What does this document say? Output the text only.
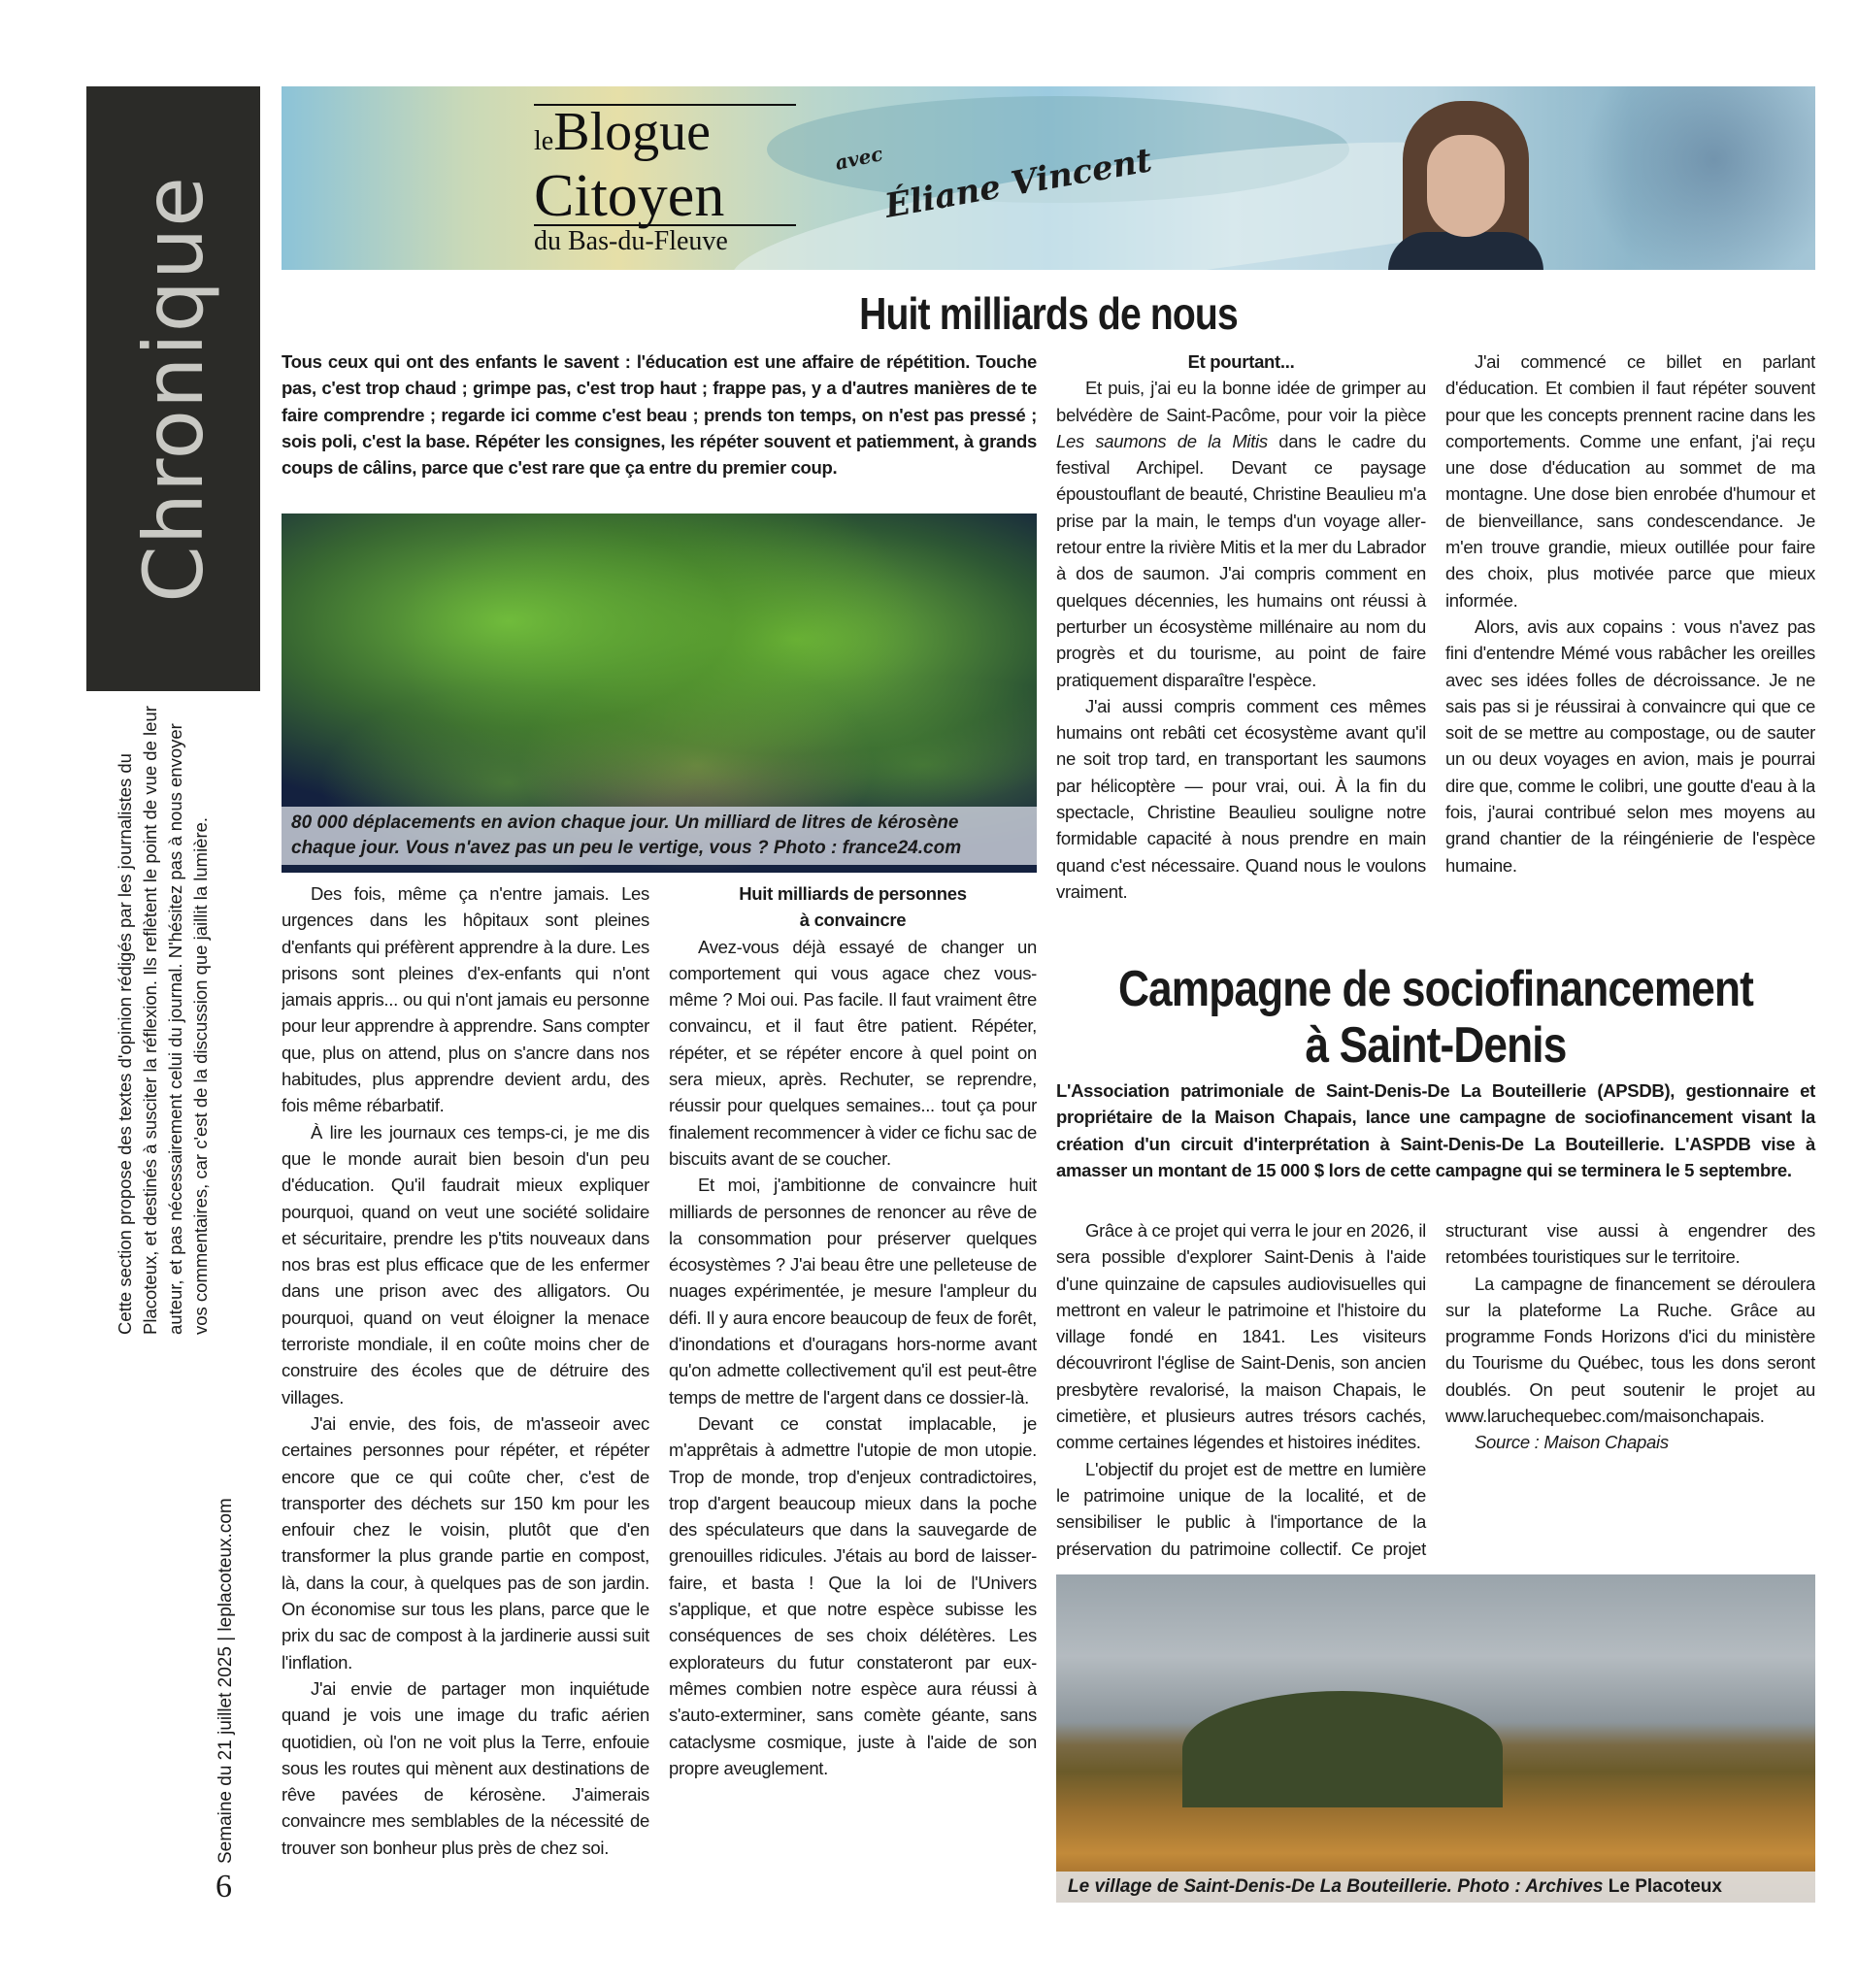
Chronique

Cette section propose des textes d'opinion rédigés par les journalistes du Placoteux, et destinés à susciter la réflexion. Ils reflètent le point de vue de leur auteur, et pas nécessairement celui du journal. N'hésitez pas à nous envoyer vos commentaires, car c'est de la discussion que jaillit la lumière.

Semaine du 21 juillet 2025 | leplacoteux.com
6
leBlogue
Citoyen
du Bas-du-Fleuve
avec
Éliane Vincent
Huit milliards de nous

Tous ceux qui ont des enfants le savent : l'éducation est une affaire de répétition. Touche pas, c'est trop chaud ; grimpe pas, c'est trop haut ; frappe pas, y a d'autres manières de te faire comprendre ; regarde ici comme c'est beau ; prends ton temps, on n'est pas pressé ; sois poli, c'est la base. Répéter les consignes, les répéter souvent et patiemment, à grands coups de câlins, parce que c'est rare que ça entre du premier coup.

80 000 déplacements en avion chaque jour. Un milliard de litres de kérosène chaque jour. Vous n'avez pas un peu le vertige, vous ? Photo : france24.com

Des fois, même ça n'entre jamais. Les urgences dans les hôpitaux sont pleines d'enfants qui préfèrent apprendre à la dure. Les prisons sont pleines d'ex-enfants qui n'ont jamais appris... ou qui n'ont jamais eu personne pour leur apprendre à apprendre. Sans compter que, plus on attend, plus on s'ancre dans nos habitudes, plus apprendre devient ardu, des fois même rébarbatif.

À lire les journaux ces temps-ci, je me dis que le monde aurait bien besoin d'un peu d'éducation. Qu'il faudrait mieux expliquer pourquoi, quand on veut une société solidaire et sécuritaire, prendre les p'tits nouveaux dans nos bras est plus efficace que de les enfermer dans une prison avec des alligators. Ou pourquoi, quand on veut éloigner la menace terroriste mondiale, il en coûte moins cher de construire des écoles que de détruire des villages.

J'ai envie, des fois, de m'asseoir avec certaines personnes pour répéter, et répéter encore que ce qui coûte cher, c'est de transporter des déchets sur 150 km pour les enfouir chez le voisin, plutôt que d'en transformer la plus grande partie en compost, là, dans la cour, à quelques pas de son jardin. On économise sur tous les plans, parce que le prix du sac de compost à la jardinerie aussi suit l'inflation.

J'ai envie de partager mon inquiétude quand je vois une image du trafic aérien quotidien, où l'on ne voit plus la Terre, enfouie sous les routes qui mènent aux destinations de rêve pavées de kérosène. J'aimerais convaincre mes semblables de la nécessité de trouver son bonheur plus près de chez soi.

Huit milliards de personnes
à convaincre

Avez-vous déjà essayé de changer un comportement qui vous agace chez vous-même ? Moi oui. Pas facile. Il faut vraiment être convaincu, et il faut être patient. Répéter, répéter, et se répéter encore à quel point on sera mieux, après. Rechuter, se reprendre, réussir pour quelques semaines... tout ça pour finalement recommencer à vider ce fichu sac de biscuits avant de se coucher.

Et moi, j'ambitionne de convaincre huit milliards de personnes de renoncer au rêve de la consommation pour préserver quelques écosystèmes ? J'ai beau être une pelleteuse de nuages expérimentée, je mesure l'ampleur du défi. Il y aura encore beaucoup de feux de forêt, d'inondations et d'ouragans hors-norme avant qu'on admette collectivement qu'il est peut-être temps de mettre de l'argent dans ce dossier-là.

Devant ce constat implacable, je m'apprêtais à admettre l'utopie de mon utopie. Trop de monde, trop d'enjeux contradictoires, trop d'argent beaucoup mieux dans la poche des spéculateurs que dans la sauvegarde de grenouilles ridicules. J'étais au bord de laisser-faire, et basta ! Que la loi de l'Univers s'applique, et que notre espèce subisse les conséquences de ses choix délétères. Les explorateurs du futur constateront par eux-mêmes combien notre espèce aura réussi à s'auto-exterminer, sans comète géante, sans cataclysme cosmique, juste à l'aide de son propre aveuglement.

Et pourtant...

Et puis, j'ai eu la bonne idée de grimper au belvédère de Saint-Pacôme, pour voir la pièce Les saumons de la Mitis dans le cadre du festival Archipel. Devant ce paysage époustouflant de beauté, Christine Beaulieu m'a prise par la main, le temps d'un voyage aller-retour entre la rivière Mitis et la mer du Labrador à dos de saumon. J'ai compris comment en quelques décennies, les humains ont réussi à perturber un écosystème millénaire au nom du progrès et du tourisme, au point de faire pratiquement disparaître l'espèce.

J'ai aussi compris comment ces mêmes humains ont rebâti cet écosystème avant qu'il ne soit trop tard, en transportant les saumons par hélicoptère — pour vrai, oui. À la fin du spectacle, Christine Beaulieu souligne notre formidable capacité à nous prendre en main quand c'est nécessaire. Quand nous le voulons vraiment.

J'ai commencé ce billet en parlant d'éducation. Et combien il faut répéter souvent pour que les concepts prennent racine dans les comportements. Comme une enfant, j'ai reçu une dose d'éducation au sommet de ma montagne. Une dose bien enrobée d'humour et de bienveillance, sans condescendance. Je m'en trouve grandie, mieux outillée pour faire des choix, plus motivée parce que mieux informée.

Alors, avis aux copains : vous n'avez pas fini d'entendre Mémé vous rabâcher les oreilles avec ses idées folles de décroissance. Je ne sais pas si je réussirai à convaincre qui que ce soit de se mettre au compostage, ou de sauter un ou deux voyages en avion, mais je pourrai dire que, comme le colibri, une goutte d'eau à la fois, j'aurai contribué selon mes moyens au grand chantier de la réingénierie de l'espèce humaine.

Campagne de sociofinancement
à Saint-Denis

L'Association patrimoniale de Saint-Denis-De La Bouteillerie (APSDB), gestionnaire et propriétaire de la Maison Chapais, lance une campagne de sociofinancement visant la création d'un circuit d'interprétation à Saint-Denis-De La Bouteillerie. L'ASPDB vise à amasser un montant de 15 000 $ lors de cette campagne qui se terminera le 5 septembre.

Grâce à ce projet qui verra le jour en 2026, il sera possible d'explorer Saint-Denis à l'aide d'une quinzaine de capsules audiovisuelles qui mettront en valeur le patrimoine et l'histoire du village fondé en 1841. Les visiteurs découvriront l'église de Saint-Denis, son ancien presbytère revalorisé, la maison Chapais, le cimetière, et plusieurs autres trésors cachés, comme certaines légendes et histoires inédites.

L'objectif du projet est de mettre en lumière le patrimoine unique de la localité, et de sensibiliser le public à l'importance de la préservation du patrimoine collectif. Ce projet structurant vise aussi à engendrer des retombées touristiques sur le territoire.

La campagne de financement se déroulera sur la plateforme La Ruche. Grâce au programme Fonds Horizons d'ici du ministère du Tourisme du Québec, tous les dons seront doublés. On peut soutenir le projet au www.laruchequebec.com/maisonchapais.

Source : Maison Chapais

Le village de Saint-Denis-De La Bouteillerie. Photo : Archives Le Placoteux
